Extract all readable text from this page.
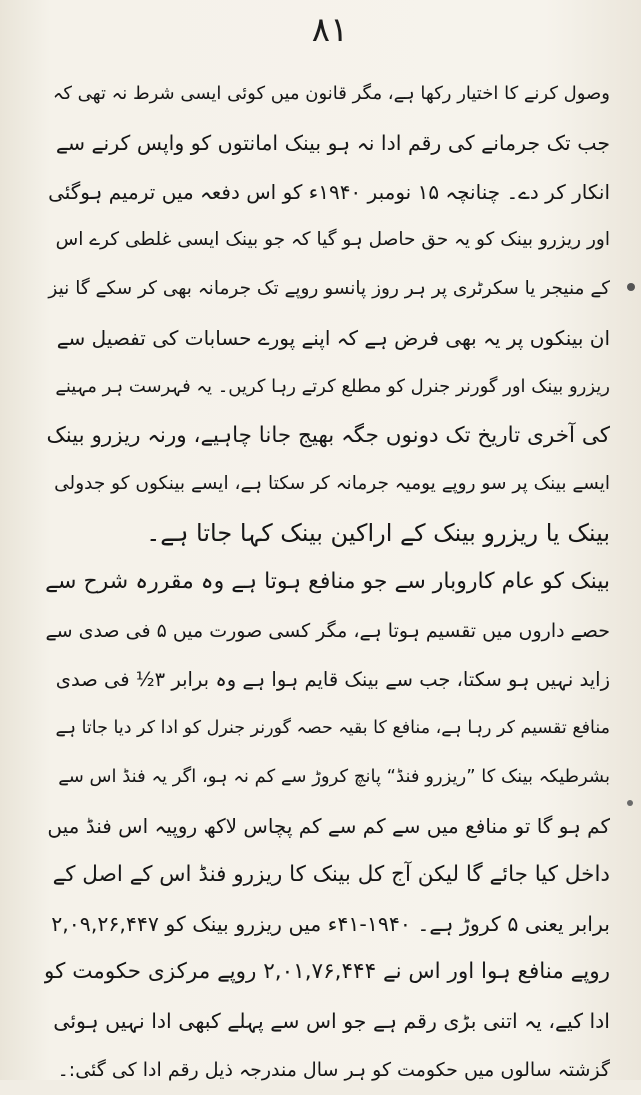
۸۱
وصول کرنے کا اختیار رکھا ہے، مگر قانون میں کوئی ایسی شرط نہ تھی کہ
جب تک جرمانے کی رقم ادا نہ ہو بینک امانتوں کو واپس کرنے سے
انکار کر دے۔ چنانچہ ۱۵ نومبر ۱۹۴۰ء کو اس دفعہ میں ترمیم ہوگئی
اور ریزرو بینک کو یہ حق حاصل ہو گیا کہ جو بینک ایسی غلطی کرے اس
کے منیجر یا سکرٹری پر ہر روز پانسو روپے تک جرمانہ بھی کر سکے گا نیز
ان بینکوں پر یہ بھی فرض ہے کہ اپنے پورے حسابات کی تفصیل سے
ریزرو بینک اور گورنر جنرل کو مطلع کرتے رہا کریں۔ یہ فہرست ہر مہینے
کی آخری تاریخ تک دونوں جگہ بھیج جانا چاہیے، ورنہ ریزرو بینک
ایسے بینک پر سو روپے یومیہ جرمانہ کر سکتا ہے، ایسے بینکوں کو جدولی
بینک یا ریزرو بینک کے اراکین بینک کہا جاتا ہے۔
بینک کو عام کاروبار سے جو منافع ہوتا ہے وہ مقررہ شرح سے
حصے داروں میں تقسیم ہوتا ہے، مگر کسی صورت میں ۵ فی صدی سے
زاید نہیں ہو سکتا، جب سے بینک قایم ہوا ہے وہ برابر ۳½ فی صدی
منافع تقسیم کر رہا ہے، منافع کا بقیہ حصہ گورنر جنرل کو ادا کر دیا جاتا ہے
بشرطیکہ بینک کا ”ریزرو فنڈ“ پانچ کروڑ سے کم نہ ہو، اگر یہ فنڈ اس سے
کم ہو گا تو منافع میں سے کم سے کم پچاس لاکھ روپیہ اس فنڈ میں
داخل کیا جائے گا لیکن آج کل بینک کا ریزرو فنڈ اس کے اصل کے
برابر یعنی ۵ کروڑ ہے۔ ۱۹۴۰-۴۱ء میں ریزرو بینک کو ۲,۰۹,۲۶,۴۴۷
روپے منافع ہوا اور اس نے ۲,۰۱,۷۶,۴۴۴ روپے مرکزی حکومت کو
ادا کیے، یہ اتنی بڑی رقم ہے جو اس سے پہلے کبھی ادا نہیں ہوئی
گزشتہ سالوں میں حکومت کو ہر سال مندرجہ ذیل رقم ادا کی گئی:۔
